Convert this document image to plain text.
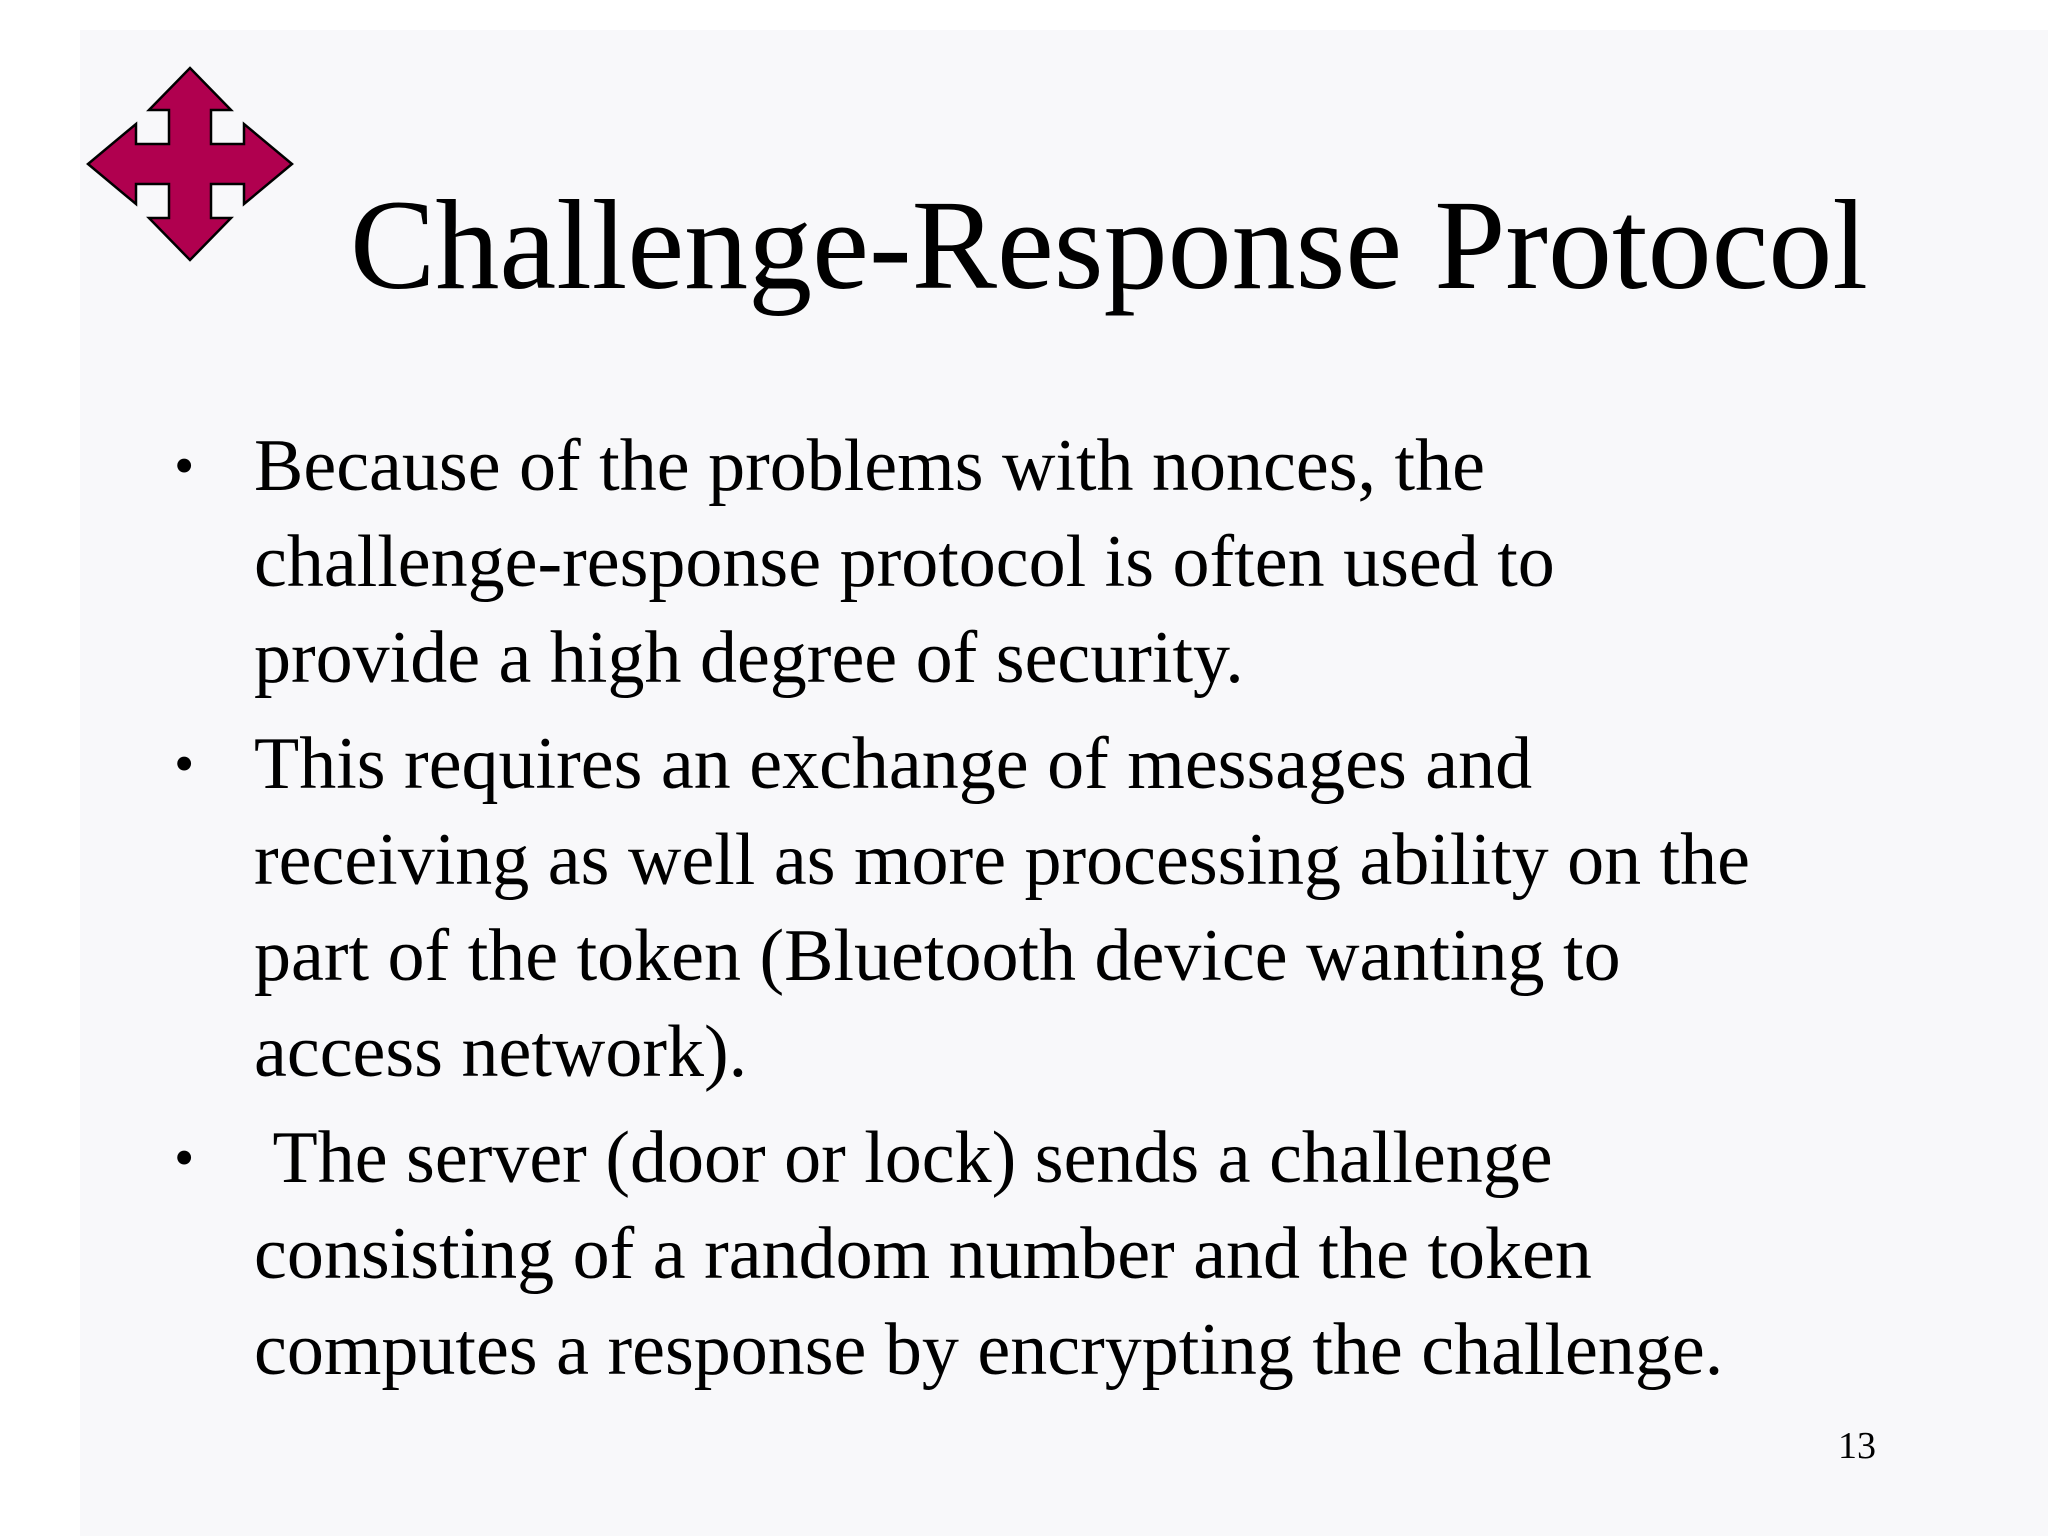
Challenge-Response Protocol
• Because of the problems with nonces, the
challenge-response protocol is often used to
provide a high degree of security.
• This requires an exchange of messages and
receiving as well as more processing ability on the
part of the token (Bluetooth device wanting to
access network).
• The server (door or lock) sends a challenge
consisting of a random number and the token
computes a response by encrypting the challenge.
13
